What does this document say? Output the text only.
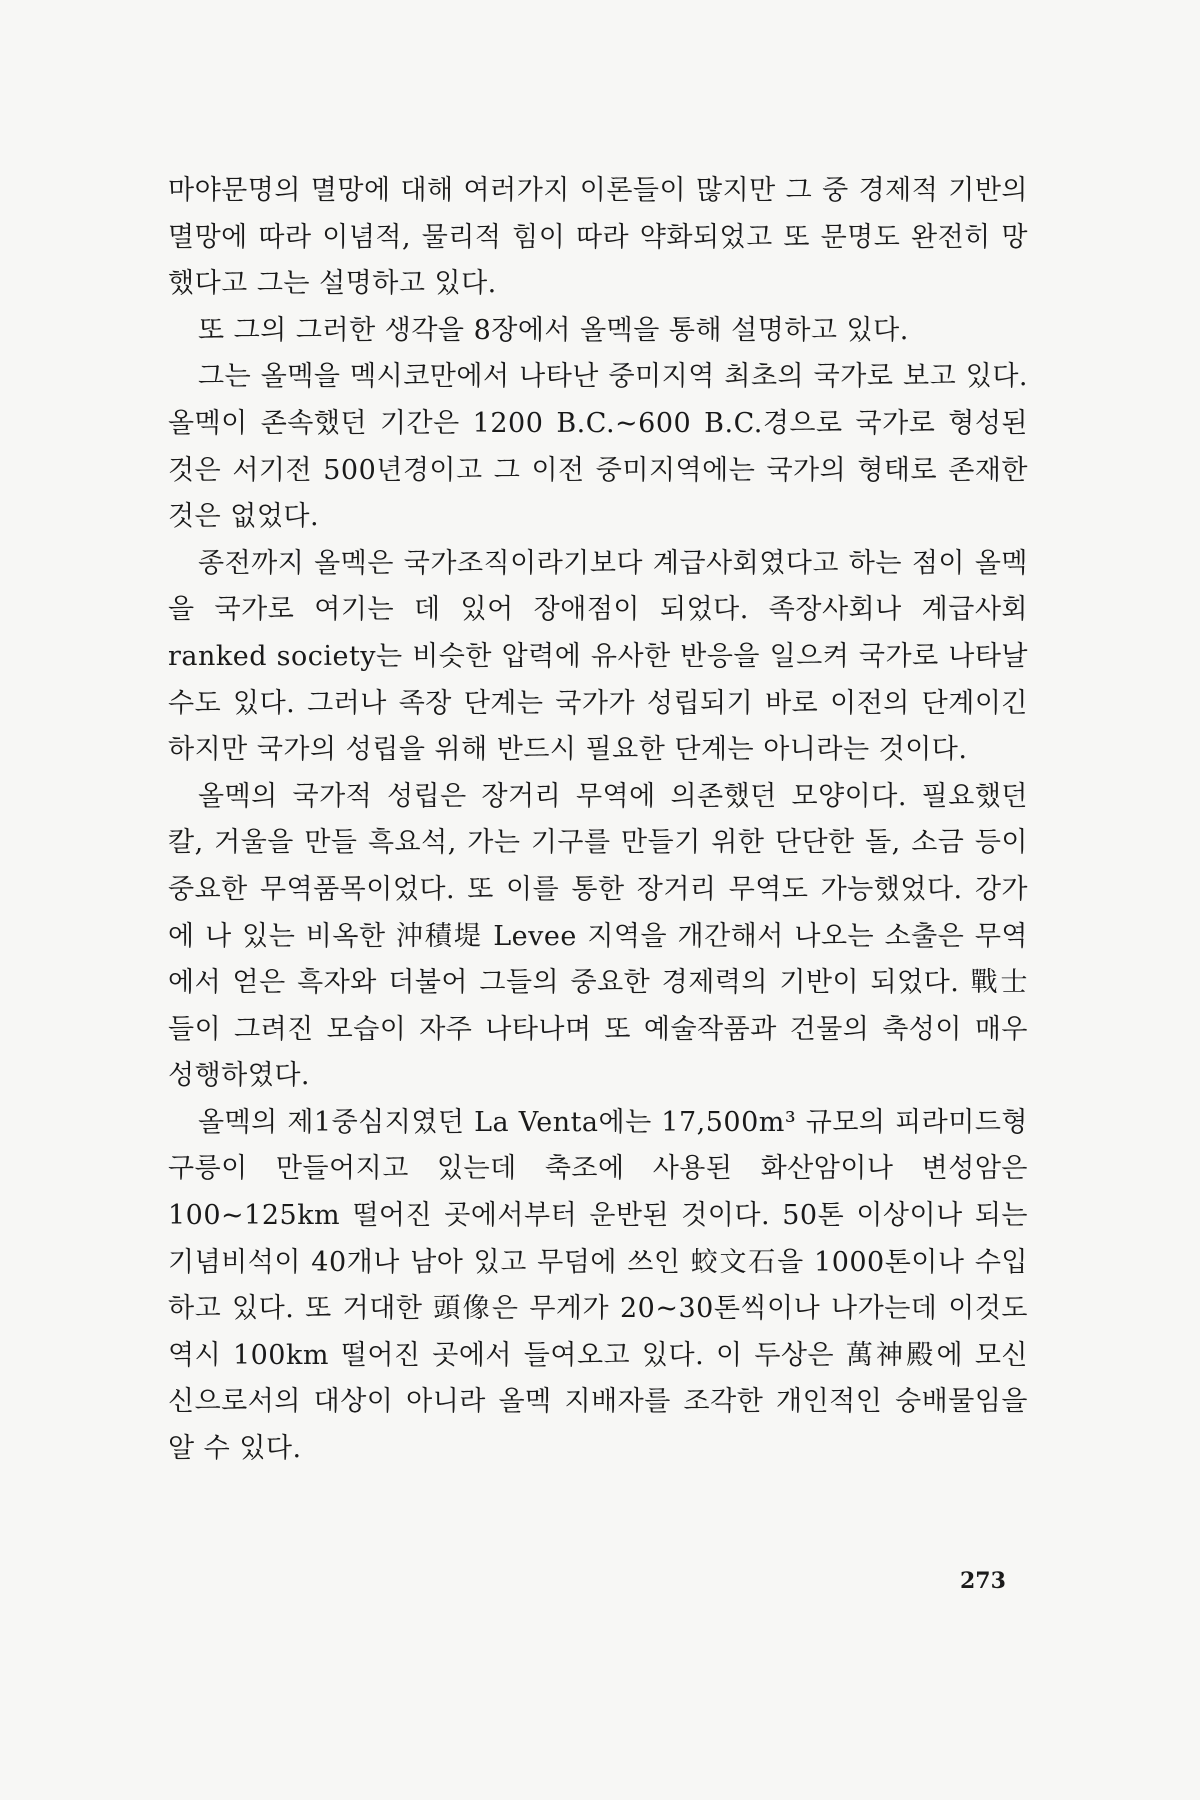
마야문명의 멸망에 대해 여러가지 이론들이 많지만 그 중 경제적 기반의 멸망에 따라 이념적, 물리적 힘이 따라 약화되었고 또 문명도 완전히 망했다고 그는 설명하고 있다.

또 그의 그러한 생각을 8장에서 올멕을 통해 설명하고 있다.

그는 올멕을 멕시코만에서 나타난 중미지역 최초의 국가로 보고 있다. 올멕이 존속했던 기간은 1200 B.C.~600 B.C.경으로 국가로 형성된 것은 서기전 500년경이고 그 이전 중미지역에는 국가의 형태로 존재한 것은 없었다.

종전까지 올멕은 국가조직이라기보다 계급사회였다고 하는 점이 올멕을 국가로 여기는 데 있어 장애점이 되었다. 족장사회나 계급사회 ranked society는 비슷한 압력에 유사한 반응을 일으켜 국가로 나타날 수도 있다. 그러나 족장 단계는 국가가 성립되기 바로 이전의 단계이긴 하지만 국가의 성립을 위해 반드시 필요한 단계는 아니라는 것이다.

올멕의 국가적 성립은 장거리 무역에 의존했던 모양이다. 필요했던 칼, 거울을 만들 흑요석, 가는 기구를 만들기 위한 단단한 돌, 소금 등이 중요한 무역품목이었다. 또 이를 통한 장거리 무역도 가능했었다. 강가에 나 있는 비옥한 沖積堤 Levee 지역을 개간해서 나오는 소출은 무역에서 얻은 흑자와 더불어 그들의 중요한 경제력의 기반이 되었다. 戰士들이 그려진 모습이 자주 나타나며 또 예술작품과 건물의 축성이 매우 성행하였다.

올멕의 제1중심지였던 La Venta에는 17,500m³ 규모의 피라미드형 구릉이 만들어지고 있는데 축조에 사용된 화산암이나 변성암은 100~125km 떨어진 곳에서부터 운반된 것이다. 50톤 이상이나 되는 기념비석이 40개나 남아 있고 무덤에 쓰인 蛟文石을 1000톤이나 수입하고 있다. 또 거대한 頭像은 무게가 20~30톤씩이나 나가는데 이것도 역시 100km 떨어진 곳에서 들여오고 있다. 이 두상은 萬神殿에 모신 신으로서의 대상이 아니라 올멕 지배자를 조각한 개인적인 숭배물임을 알 수 있다.

273
